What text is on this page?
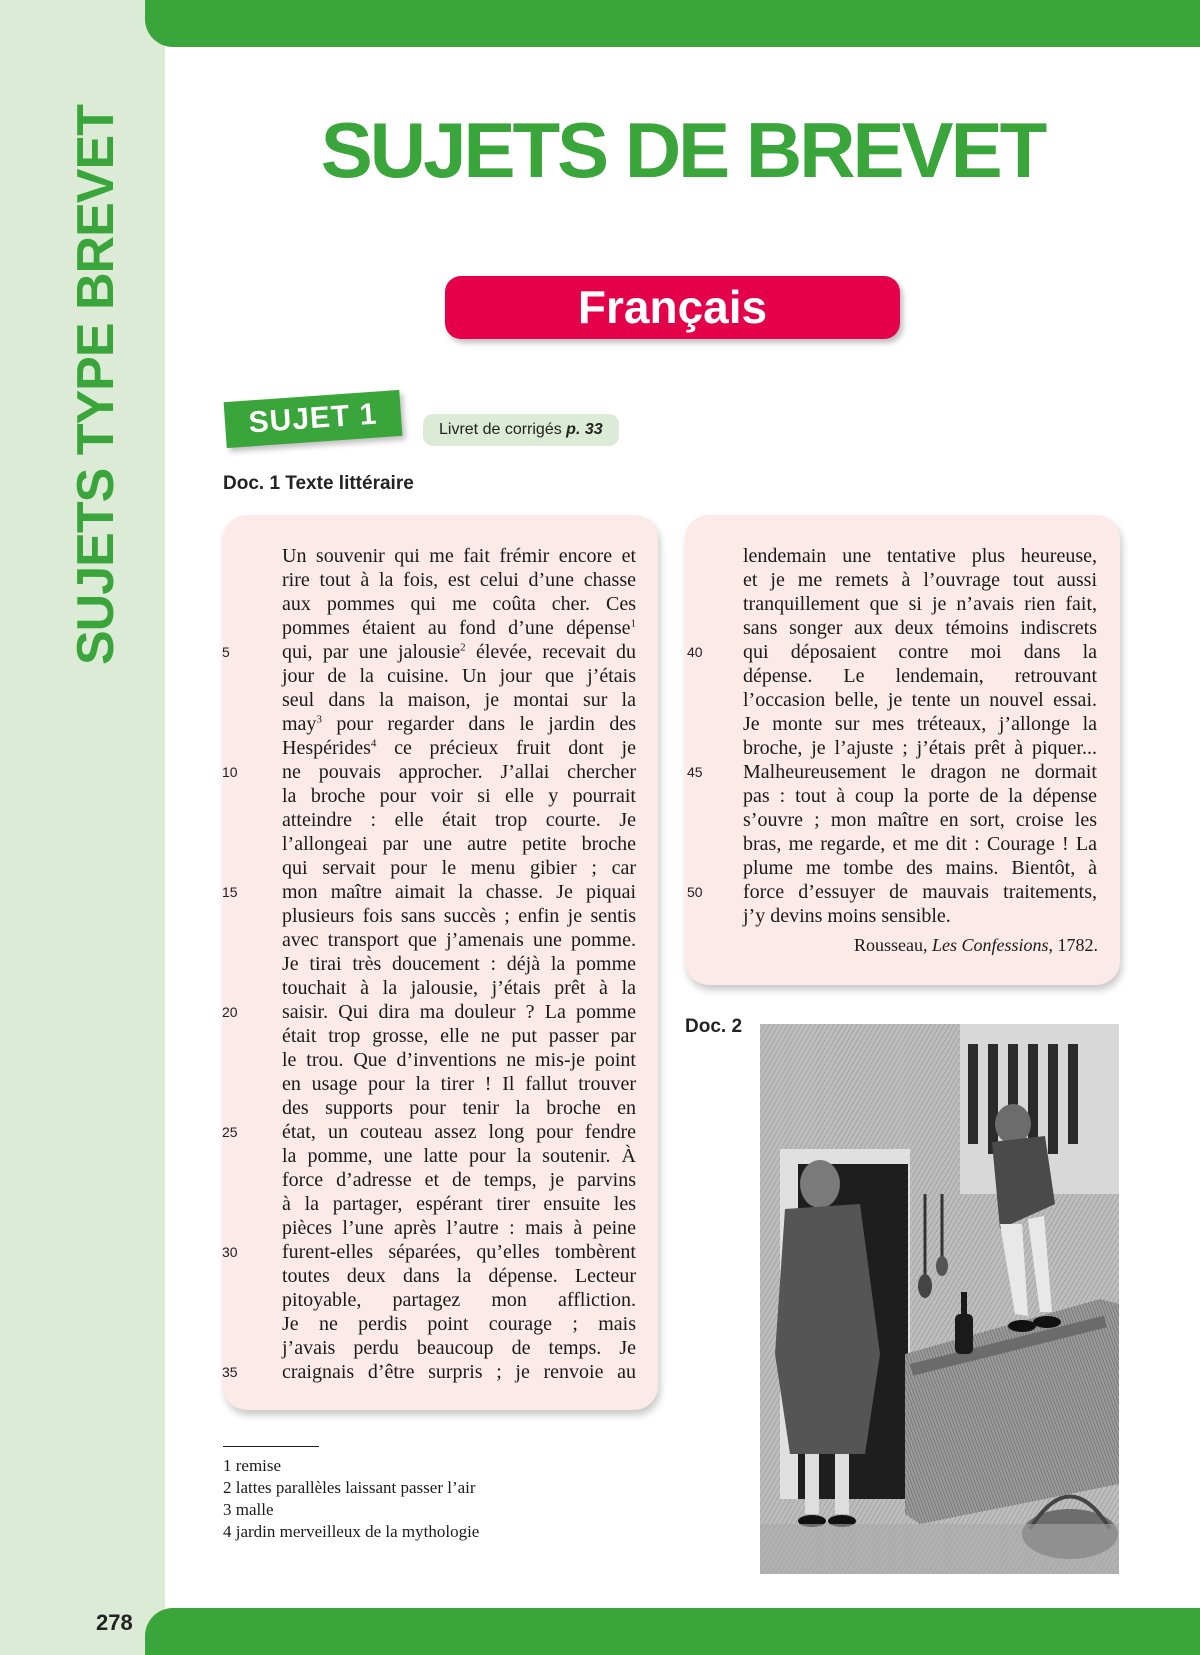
SUJETS TYPE BREVET
278
SUJETS DE BREVET
Français
SUJET 1	Livret de corrigés p. 33
Doc. 1 Texte littéraire
Un souvenir qui me fait frémir encore et
rire tout à la fois, est celui d’une chasse
aux pommes qui me coûta cher. Ces
pommes étaient au fond d’une dépense$^1$
5	qui, par une jalousie$^2$ élevée, recevait du
jour de la cuisine. Un jour que j’étais
seul dans la maison, je montai sur la
may$^3$ pour regarder dans le jardin des
Hespérides$^4$ ce précieux fruit dont je
10	ne pouvais approcher. J’allai chercher
la broche pour voir si elle y pourrait
atteindre : elle était trop courte. Je
l’allongeai par une autre petite broche
qui servait pour le menu gibier ; car
15	mon maître aimait la chasse. Je piquai
plusieurs fois sans succès ; enfin je sentis
avec transport que j’amenais une pomme.
Je tirai très doucement : déjà la pomme
touchait à la jalousie, j’étais prêt à la
20	saisir. Qui dira ma douleur ? La pomme
était trop grosse, elle ne put passer par
le trou. Que d’inventions ne mis-je point
en usage pour la tirer ! Il fallut trouver
des supports pour tenir la broche en
25	état, un couteau assez long pour fendre
la pomme, une latte pour la soutenir. À
force d’adresse et de temps, je parvins
à la partager, espérant tirer ensuite les
pièces l’une après l’autre : mais à peine
30	furent-elles séparées, qu’elles tombèrent
toutes deux dans la dépense. Lecteur
pitoyable, partagez mon affliction.
Je ne perdis point courage ; mais
j’avais perdu beaucoup de temps. Je
35	craignais d’être surpris ; je renvoie au
lendemain une tentative plus heureuse,
et je me remets à l’ouvrage tout aussi
tranquillement que si je n’avais rien fait,
sans songer aux deux témoins indiscrets
40	qui déposaient contre moi dans la
dépense. Le lendemain, retrouvant
l’occasion belle, je tente un nouvel essai.
Je monte sur mes tréteaux, j’allonge la
broche, je l’ajuste ; j’étais prêt à piquer...
45	Malheureusement le dragon ne dormait
pas : tout à coup la porte de la dépense
s’ouvre ; mon maître en sort, croise les
bras, me regarde, et me dit : Courage ! La
plume me tombe des mains. Bientôt, à
50	force d’essuyer de mauvais traitements,
j’y devins moins sensible.
Rousseau, Les Confessions, 1782.
1 remise
2 lattes parallèles laissant passer l’air
3 malle
4 jardin merveilleux de la mythologie
Doc. 2
